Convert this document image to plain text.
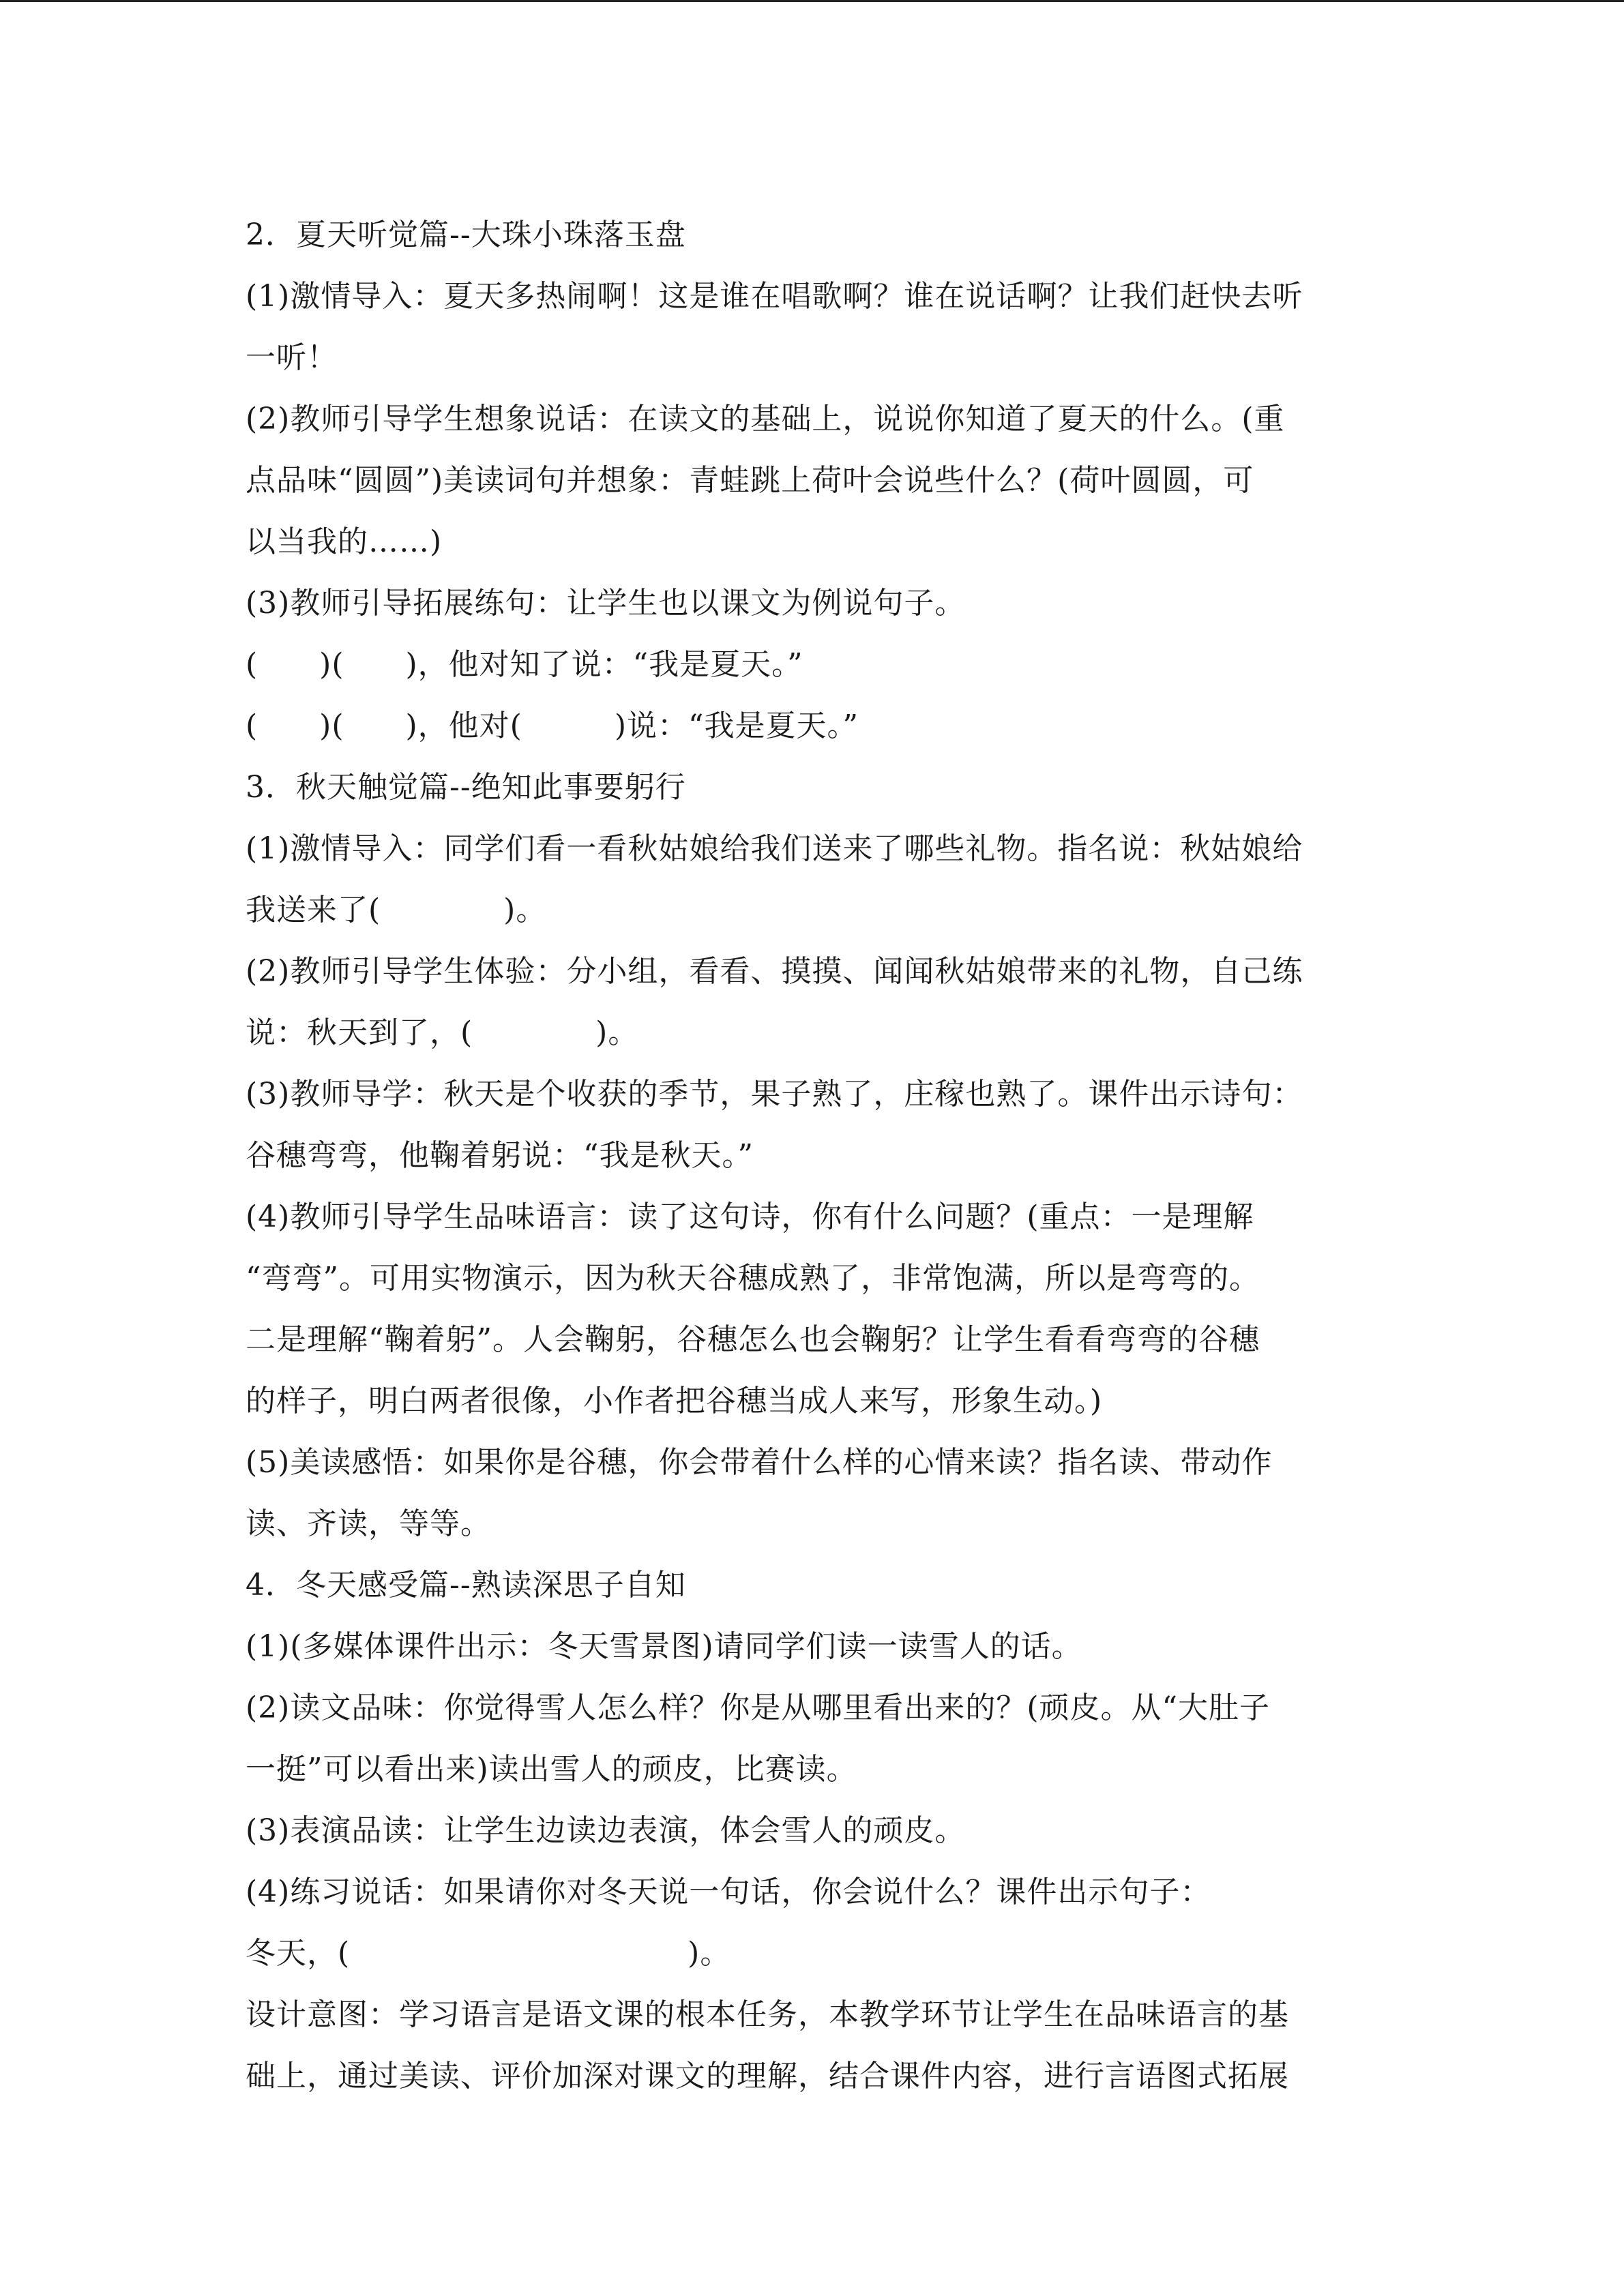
2．夏天听觉篇--大珠小珠落玉盘
(1)激情导入：夏天多热闹啊！这是谁在唱歌啊？谁在说话啊？让我们赶快去听
一听！
(2)教师引导学生想象说话：在读文的基础上，说说你知道了夏天的什么。(重
点品味“圆圆”)美读词句并想象：青蛙跳上荷叶会说些什么？(荷叶圆圆，可
以当我的……)
(3)教师引导拓展练句：让学生也以课文为例说句子。
(　　)(　　)，他对知了说：“我是夏天。”
(　　)(　　)，他对(　　　)说：“我是夏天。”
3．秋天触觉篇--绝知此事要躬行
(1)激情导入：同学们看一看秋姑娘给我们送来了哪些礼物。指名说：秋姑娘给
我送来了(　　　　)。
(2)教师引导学生体验：分小组，看看、摸摸、闻闻秋姑娘带来的礼物，自己练
说：秋天到了，(　　　　)。
(3)教师导学：秋天是个收获的季节，果子熟了，庄稼也熟了。课件出示诗句：
谷穗弯弯，他鞠着躬说：“我是秋天。”
(4)教师引导学生品味语言：读了这句诗，你有什么问题？(重点：一是理解
“弯弯”。可用实物演示，因为秋天谷穗成熟了，非常饱满，所以是弯弯的。
二是理解“鞠着躬”。人会鞠躬，谷穗怎么也会鞠躬？让学生看看弯弯的谷穗
的样子，明白两者很像，小作者把谷穗当成人来写，形象生动。)
(5)美读感悟：如果你是谷穗，你会带着什么样的心情来读？指名读、带动作
读、齐读，等等。
4．冬天感受篇--熟读深思子自知
(1)(多媒体课件出示：冬天雪景图)请同学们读一读雪人的话。
(2)读文品味：你觉得雪人怎么样？你是从哪里看出来的？(顽皮。从“大肚子
一挺”可以看出来)读出雪人的顽皮，比赛读。
(3)表演品读：让学生边读边表演，体会雪人的顽皮。
(4)练习说话：如果请你对冬天说一句话，你会说什么？课件出示句子：
冬天，(　　　　　　　　　　　)。
设计意图：学习语言是语文课的根本任务，本教学环节让学生在品味语言的基
础上，通过美读、评价加深对课文的理解，结合课件内容，进行言语图式拓展
